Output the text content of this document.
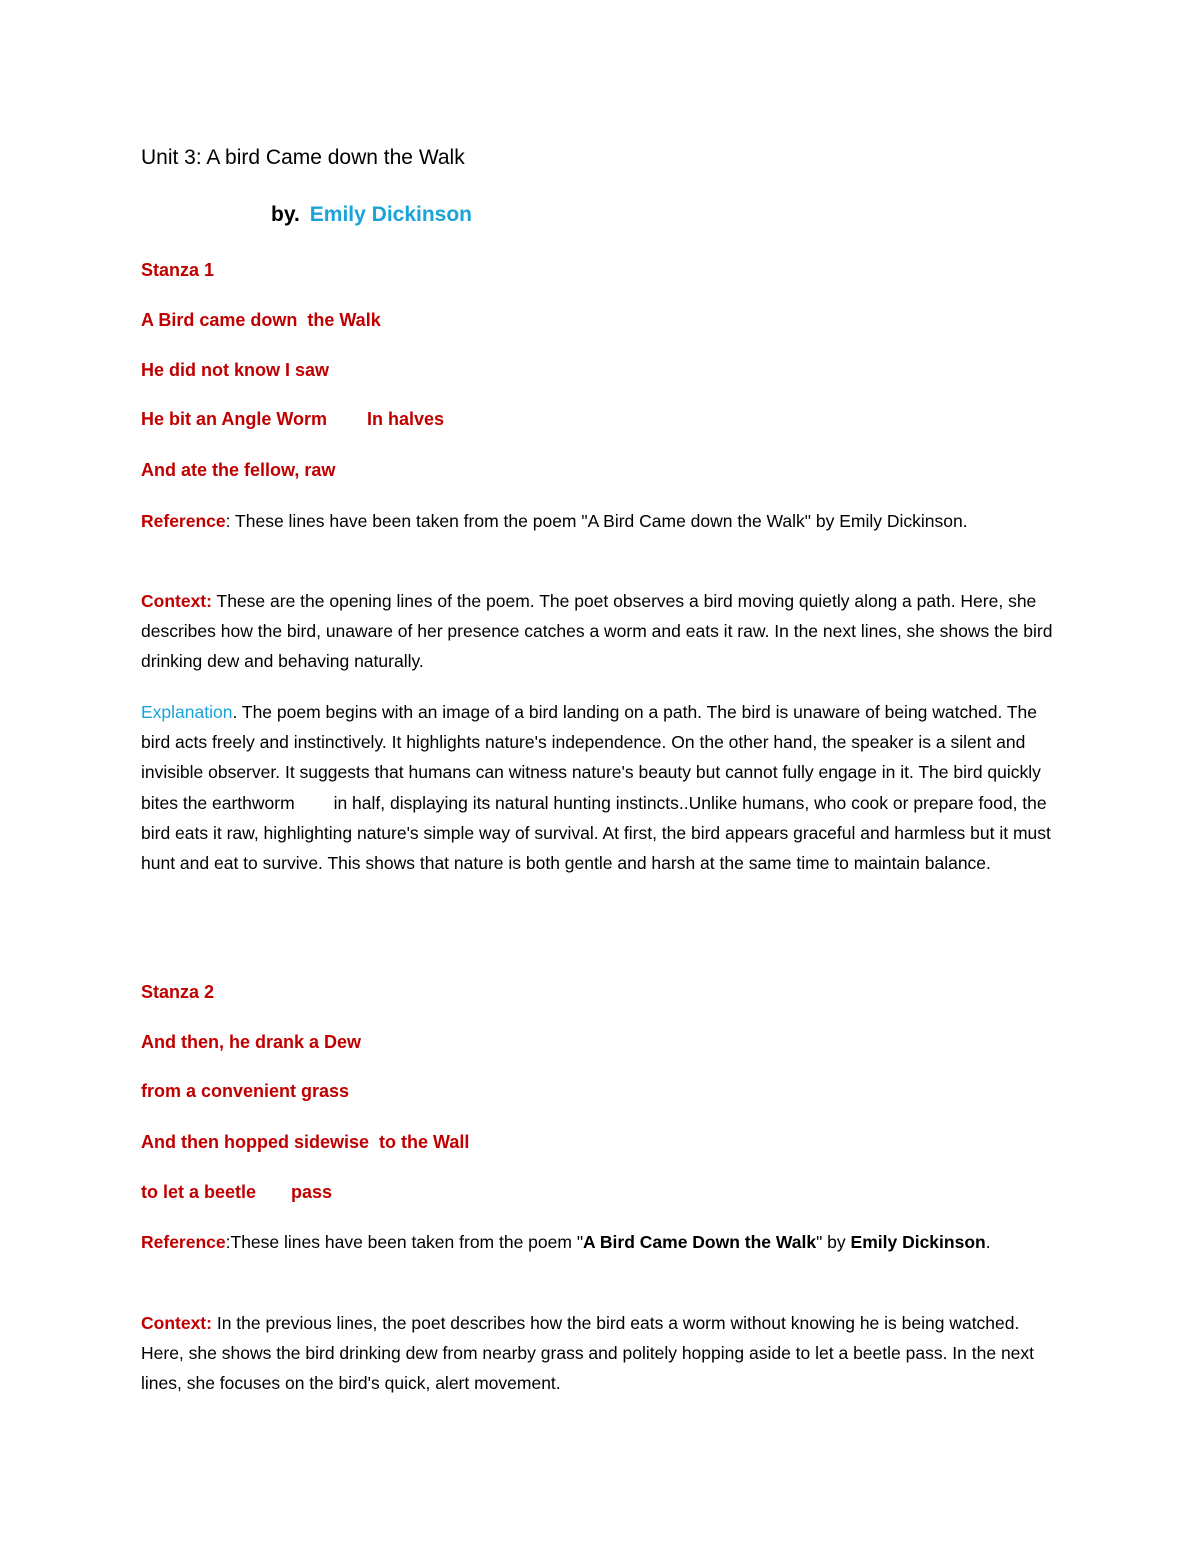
Unit 3: A bird Came down the Walk
by. Emily Dickinson
Stanza 1
A Bird came down  the Walk
He did not know I saw
He bit an Angle Worm        In halves
And ate the fellow, raw
Reference: These lines have been taken from the poem "A Bird Came down the Walk" by Emily Dickinson.
Context: These are the opening lines of the poem. The poet observes a bird moving quietly along a path. Here, she describes how the bird, unaware of her presence catches a worm and eats it raw. In the next lines, she shows the bird drinking dew and behaving naturally.
Explanation. The poem begins with an image of a bird landing on a path. The bird is unaware of being watched. The bird acts freely and instinctively. It highlights nature's independence. On the other hand, the speaker is a silent and invisible observer. It suggests that humans can witness nature's beauty but cannot fully engage in it. The bird quickly bites the earthworm        in half, displaying its natural hunting instincts..Unlike humans, who cook or prepare food, the bird eats it raw, highlighting nature's simple way of survival. At first, the bird appears graceful and harmless but it must hunt and eat to survive. This shows that nature is both gentle and harsh at the same time to maintain balance.
Stanza 2
And then, he drank a Dew
from a convenient grass
And then hopped sidewise  to the Wall
to let a beetle       pass
Reference:These lines have been taken from the poem "A Bird Came Down the Walk" by Emily Dickinson.
Context: In the previous lines, the poet describes how the bird eats a worm without knowing he is being watched. Here, she shows the bird drinking dew from nearby grass and politely hopping aside to let a beetle pass. In the next lines, she focuses on the bird's quick, alert movement.
